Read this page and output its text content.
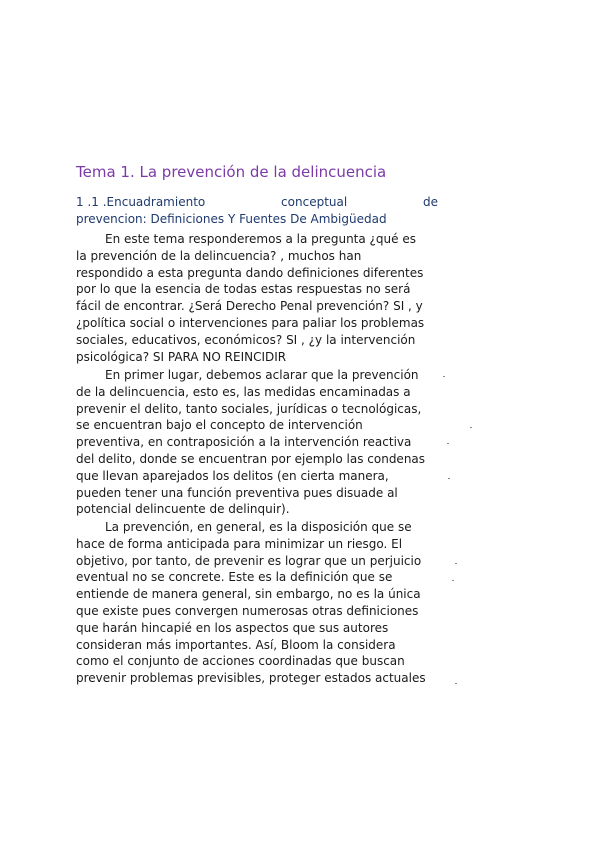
Tema 1. La prevención de la delincuencia
1 .1 .Encuadramiento	conceptual	de
prevencion: Definiciones Y Fuentes De Ambigüedad
En este tema responderemos a la pregunta ¿qué es
la prevención de la delincuencia? , muchos han
respondido a esta pregunta dando definiciones diferentes
por lo que la esencia de todas estas respuestas no será
fácil de encontrar. ¿Será Derecho Penal prevención? SI , y
¿política social o intervenciones para paliar los problemas
sociales, educativos, económicos? SI , ¿y la intervención
psicológica? SI PARA NO REINCIDIR
En primer lugar, debemos aclarar que la prevención
de la delincuencia, esto es, las medidas encaminadas a
prevenir el delito, tanto sociales, jurídicas o tecnológicas,
se encuentran bajo el concepto de intervención
preventiva, en contraposición a la intervención reactiva
del delito, donde se encuentran por ejemplo las condenas
que llevan aparejados los delitos (en cierta manera,
pueden tener una función preventiva pues disuade al
potencial delincuente de delinquir).
La prevención, en general, es la disposición que se
hace de forma anticipada para minimizar un riesgo. El
objetivo, por tanto, de prevenir es lograr que un perjuicio
eventual no se concrete. Este es la definición que se
entiende de manera general, sin embargo, no es la única
que existe pues convergen numerosas otras definiciones
que harán hincapié en los aspectos que sus autores
consideran más importantes. Así, Bloom la considera
como el conjunto de acciones coordinadas que buscan
prevenir problemas previsibles, proteger estados actuales
